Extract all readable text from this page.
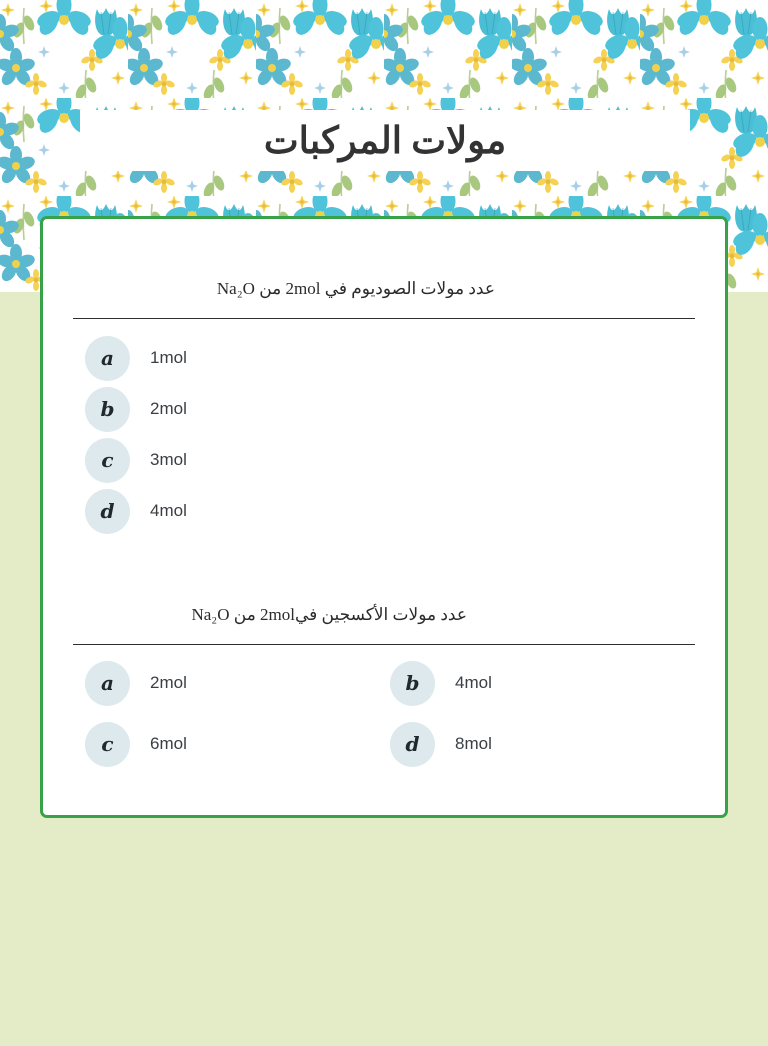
مولات المركبات
عدد مولات الصوديوم في 2mol من Na₂O
a	1mol
b	2mol
c	3mol
d	4mol
عدد مولات الأكسجين في2mol من Na₂O
a	2mol	b	4mol
c	6mol	d	8mol
